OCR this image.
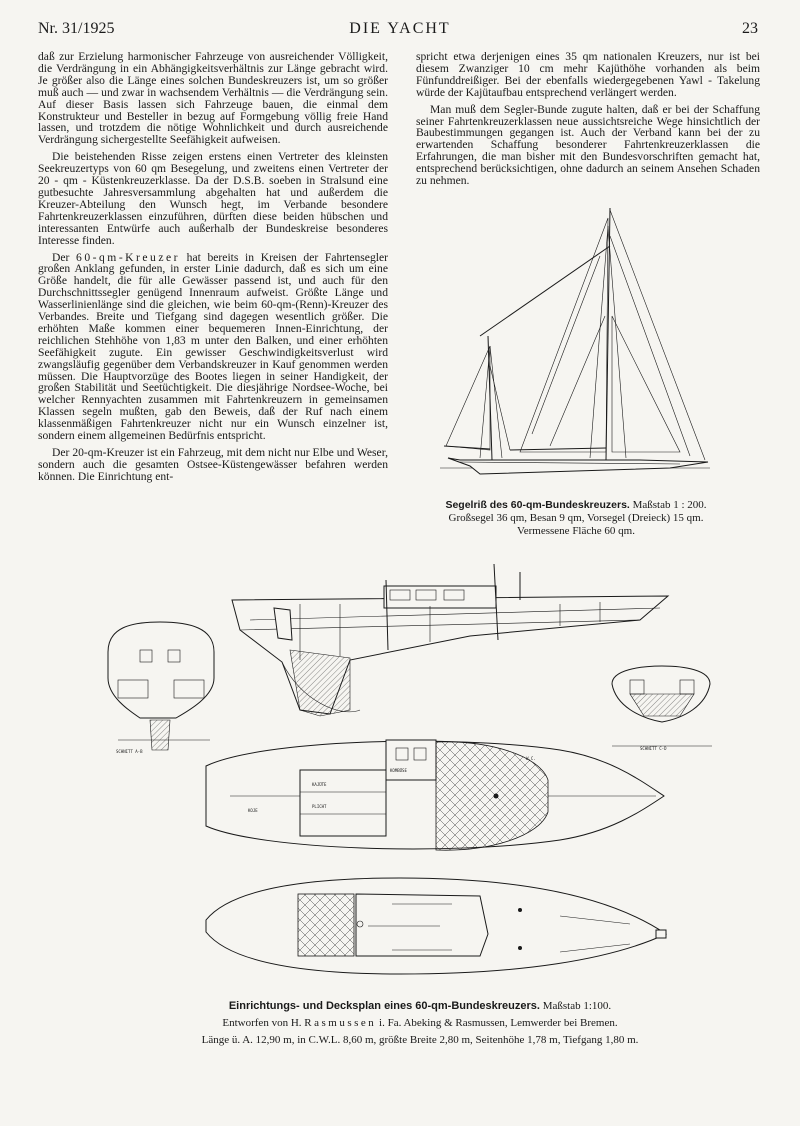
Nr. 31/1925	DIE YACHT	23

daß zur Erzielung harmonischer Fahrzeuge von ausreichender Völligkeit, die Verdrängung in ein Abhängigkeitsverhältnis zur Länge gebracht wird. Je größer also die Länge eines solchen Bundeskreuzers ist, um so größer muß auch — und zwar in wachsendem Verhältnis — die Verdrängung sein. Auf dieser Basis lassen sich Fahrzeuge bauen, die einmal dem Konstrukteur und Besteller in bezug auf Formgebung völlig freie Hand lassen, und trotzdem die nötige Wohnlichkeit und durch ausreichende Verdrängung sichergestellte Seefähigkeit aufweisen.

Die beistehenden Risse zeigen erstens einen Vertreter des kleinsten Seekreuzertyps von 60 qm Besegelung, und zweitens einen Vertreter der 20 - qm - Küstenkreuzerklasse. Da der D.S.B. soeben in Stralsund eine gutbesuchte Jahresversammlung abgehalten hat und außerdem die Kreuzer-Abteilung den Wunsch hegt, im Verbande besondere Fahrtenkreuzerklassen einzuführen, dürften diese beiden hübschen und interessanten Entwürfe auch außerhalb der Bundeskreise besonderes Interesse finden.

Der 60-qm-Kreuzer hat bereits in Kreisen der Fahrtensegler großen Anklang gefunden, in erster Linie dadurch, daß es sich um eine Größe handelt, die für alle Gewässer passend ist, und auch für den Durchschnittssegler genügend Innenraum aufweist. Größte Länge und Wasserlinienlänge sind die gleichen, wie beim 60-qm-(Renn)-Kreuzer des Verbandes. Breite und Tiefgang sind dagegen wesentlich größer. Die erhöhten Maße kommen einer bequemeren Innen-Einrichtung, der reichlichen Stehhöhe von 1,83 m unter den Balken, und einer erhöhten Seefähigkeit zugute. Ein gewisser Geschwindigkeitsverlust wird zwangsläufig gegenüber dem Verbandskreuzer in Kauf genommen werden müssen. Die Hauptvorzüge des Bootes liegen in seiner Handigkeit, der großen Stabilität und Seetüchtigkeit. Die diesjährige Nordsee-Woche, bei welcher Rennyachten zusammen mit Fahrtenkreuzern in gemeinsamen Klassen segeln mußten, gab den Beweis, daß der Ruf nach einem klassenmäßigen Fahrtenkreuzer nicht nur ein Wunsch einzelner ist, sondern einem allgemeinen Bedürfnis entspricht.

Der 20-qm-Kreuzer ist ein Fahrzeug, mit dem nicht nur Elbe und Weser, sondern auch die gesamten Ostsee-Küstengewässer befahren werden können. Die Einrichtung ent-

spricht etwa derjenigen eines 35 qm nationalen Kreuzers, nur ist bei diesem Zwanziger 10 cm mehr Kajüthöhe vorhanden als beim Fünfunddreißiger. Bei der ebenfalls wiedergegebenen Yawl - Takelung würde der Kajütaufbau entsprechend verlängert werden.

Man muß dem Segler-Bunde zugute halten, daß er bei der Schaffung seiner Fahrtenkreuzerklassen neue aussichtsreiche Wege hinsichtlich der Baubestimmungen gegangen ist. Auch der Verband kann bei der zu erwartenden Schaffung besonderer Fahrtenkreuzerklassen die Erfahrungen, die man bisher mit den Bundesvorschriften gemacht hat, entsprechend berücksichtigen, ohne dadurch an seinem Ansehen Schaden zu nehmen.

Segelriß des 60-qm-Bundeskreuzers. Maßstab 1 : 200.
Großsegel 36 qm, Besan 9 qm, Vorsegel (Dreieck) 15 qm.
Vermessene Fläche 60 qm.
SCHNITT A-B
SCHNITT C-D
KAJÜTE
PLICHT
KOMBÜSE
KOJE
W.C.
Einrichtungs- und Decksplan eines 60-qm-Bundeskreuzers. Maßstab 1:100.
Entworfen von H. Rasmussen i. Fa. Abeking & Rasmussen, Lemwerder bei Bremen.
Länge ü. A. 12,90 m, in C.W.L. 8,60 m, größte Breite 2,80 m, Seitenhöhe 1,78 m, Tiefgang 1,80 m.
